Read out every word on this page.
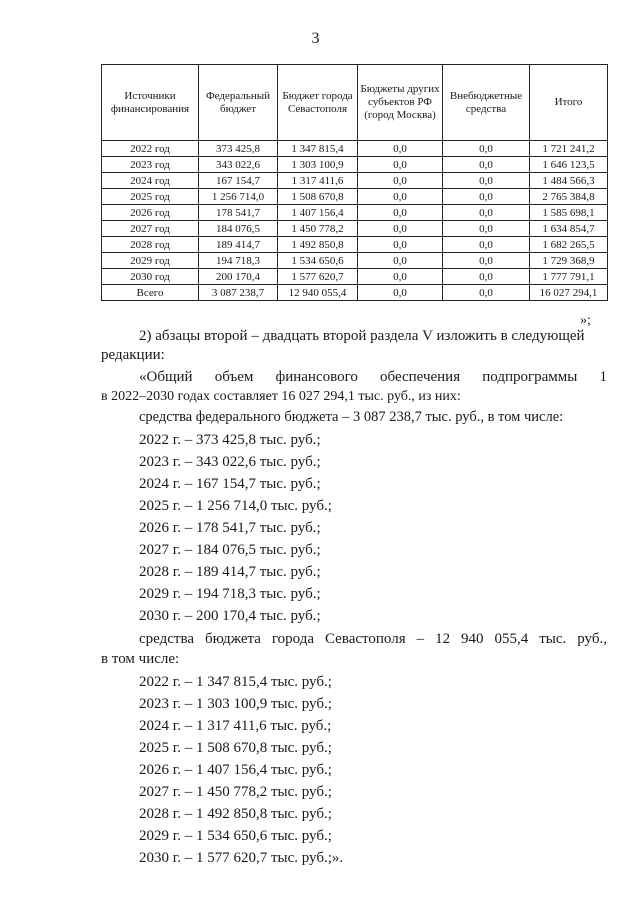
3
Источники финансирования	Федеральный бюджет	Бюджет города Севастополя	Бюджеты других субъектов РФ (город Москва)	Внебюджетные средства	Итого
2022 год	373 425,8	1 347 815,4	0,0	0,0	1 721 241,2
2023 год	343 022,6	1 303 100,9	0,0	0,0	1 646 123,5
2024 год	167 154,7	1 317 411,6	0,0	0,0	1 484 566,3
2025 год	1 256 714,0	1 508 670,8	0,0	0,0	2 765 384,8
2026 год	178 541,7	1 407 156,4	0,0	0,0	1 585 698,1
2027 год	184 076,5	1 450 778,2	0,0	0,0	1 634 854,7
2028 год	189 414,7	1 492 850,8	0,0	0,0	1 682 265,5
2029 год	194 718,3	1 534 650,6	0,0	0,0	1 729 368,9
2030 год	200 170,4	1 577 620,7	0,0	0,0	1 777 791,1
Всего	3 087 238,7	12 940 055,4	0,0	0,0	16 027 294,1
»;
2) абзацы второй – двадцать второй раздела V изложить в следующей
редакции:
«Общий объем финансового обеспечения подпрограммы 1
в 2022–2030 годах составляет 16 027 294,1 тыс. руб., из них:
средства федерального бюджета – 3 087 238,7 тыс. руб., в том числе:
2022 г. – 373 425,8 тыс. руб.;
2023 г. – 343 022,6 тыс. руб.;
2024 г. – 167 154,7 тыс. руб.;
2025 г. – 1 256 714,0 тыс. руб.;
2026 г. – 178 541,7 тыс. руб.;
2027 г. – 184 076,5 тыс. руб.;
2028 г. – 189 414,7 тыс. руб.;
2029 г. – 194 718,3 тыс. руб.;
2030 г. – 200 170,4 тыс. руб.;
средства бюджета города Севастополя – 12 940 055,4 тыс. руб.,
в том числе:
2022 г. – 1 347 815,4 тыс. руб.;
2023 г. – 1 303 100,9 тыс. руб.;
2024 г. – 1 317 411,6 тыс. руб.;
2025 г. – 1 508 670,8 тыс. руб.;
2026 г. – 1 407 156,4 тыс. руб.;
2027 г. – 1 450 778,2 тыс. руб.;
2028 г. – 1 492 850,8 тыс. руб.;
2029 г. – 1 534 650,6 тыс. руб.;
2030 г. – 1 577 620,7 тыс. руб.;».
